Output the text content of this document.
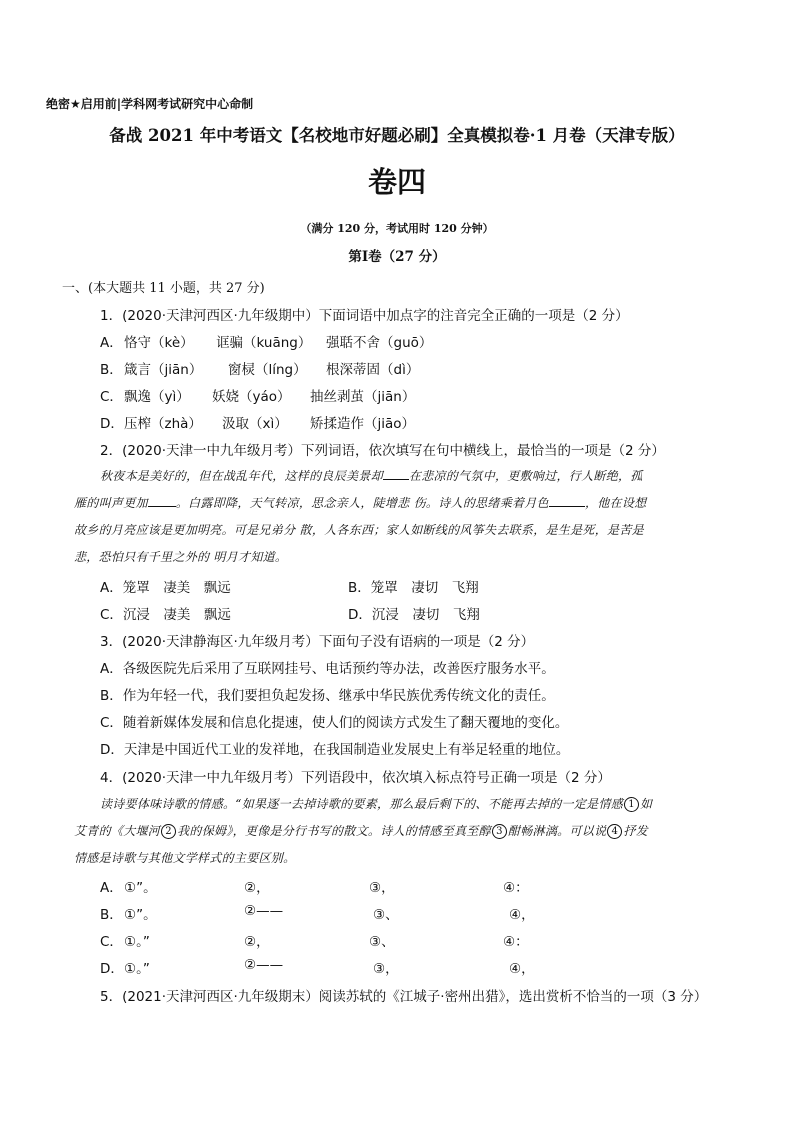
绝密★启用前|学科网考试研究中心命制
备战 2021 年中考语文【名校地市好题必刷】全真模拟卷·1 月卷（天津专版）
卷四
（满分 120 分，考试用时 120 分钟）
第Ⅰ卷（27 分）
一、(本大题共 11 小题，共 27 分)
1．(2020·天津河西区·九年级期中）下面词语中加点字的注音完全正确的一项是（2 分）
A． 恪守（kè） 诓骗（kuāng） 强聒不舍（guō）
B． 箴言（jiān） 窗棂（líng） 根深蒂固（dì）
C． 飘逸（yì） 妖娆（yáo） 抽丝剥茧（jiān）
D． 压榨（zhà） 汲取（xì） 矫揉造作（jiāo）
2．(2020·天津一中九年级月考）下列词语，依次填写在句中横线上，最恰当的一项是（2 分）
秋夜本是美好的，但在战乱年代，这样的良辰美景却 在悲凉的气氛中，更敷响过，行人断绝，孤
雁的叫声更加 。白露即降，天气转凉，思念亲人，陡增悲 伤。诗人的思绪乘着月色	，他在设想
故乡的月亮应该是更加明亮。可是兄弟分 散，人各东西；家人如断线的风筝失去联系，是生是死，是苦是
悲，恐怕只有千里之外的 明月才知道。
A．笼罩　凄美　飘远	B．笼罩　凄切　飞翔
C．沉浸　凄美　飘远	D．沉浸　凄切　飞翔
3．(2020·天津静海区·九年级月考）下面句子没有语病的一项是（2 分）
A．各级医院先后采用了互联网挂号、电话预约等办法，改善医疗服务水平。
B．作为年轻一代，我们要担负起发扬、继承中华民族优秀传统文化的责任。
C．随着新媒体发展和信息化提速，使人们的阅读方式发生了翻天覆地的变化。
D．天津是中国近代工业的发祥地，在我国制造业发展史上有举足轻重的地位。
4．(2020·天津一中九年级月考）下列语段中，依次填入标点符号正确一项是（2 分）
读诗要体味诗歌的情感。“如果逐一去掉诗歌的要素，那么最后剩下的、不能再去掉的一定是情感 1 如
艾青的《大堰河 2 我的保姆》，更像是分行书写的散文。诗人的情感至真至醇 3 酣畅淋漓。可以说 4 抒发
情感是诗歌与其他文学样式的主要区别。
A． ①”。	②，	③，	④：
B． ①”。	②——	③、	④，
C． ①。”	②，	③、	④：
D． ①。”	②——	③，	④，
5．(2021·天津河西区·九年级期末）阅读苏轼的《江城子·密州出猎》，选出赏析不恰当的一项（3 分）
